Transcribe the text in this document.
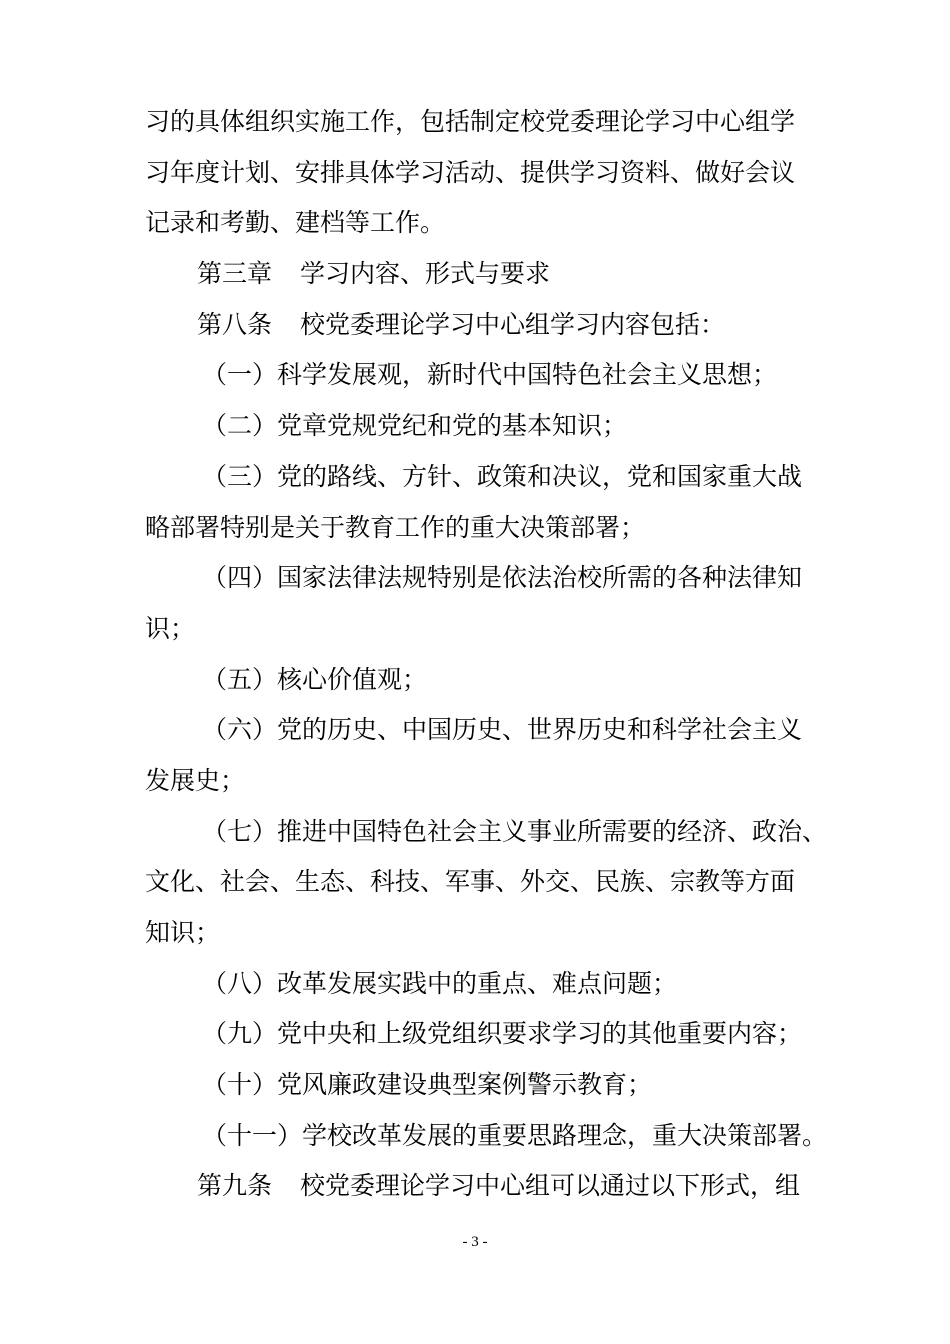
习的具体组织实施工作，包括制定校党委理论学习中心组学
习年度计划、安排具体学习活动、提供学习资料、做好会议
记录和考勤、建档等工作。
第三章 学习内容、形式与要求
第八条 校党委理论学习中心组学习内容包括：
（一）科学发展观，新时代中国特色社会主义思想；
（二）党章党规党纪和党的基本知识；
（三）党的路线、方针、政策和决议，党和国家重大战
略部署特别是关于教育工作的重大决策部署；
（四）国家法律法规特别是依法治校所需的各种法律知
识；
（五）核心价值观；
（六）党的历史、中国历史、世界历史和科学社会主义
发展史；
（七）推进中国特色社会主义事业所需要的经济、政治、
文化、社会、生态、科技、军事、外交、民族、宗教等方面
知识；
（八）改革发展实践中的重点、难点问题；
（九）党中央和上级党组织要求学习的其他重要内容；
（十）党风廉政建设典型案例警示教育；
（十一）学校改革发展的重要思路理念，重大决策部署。
第九条 校党委理论学习中心组可以通过以下形式，组
- 3 -
